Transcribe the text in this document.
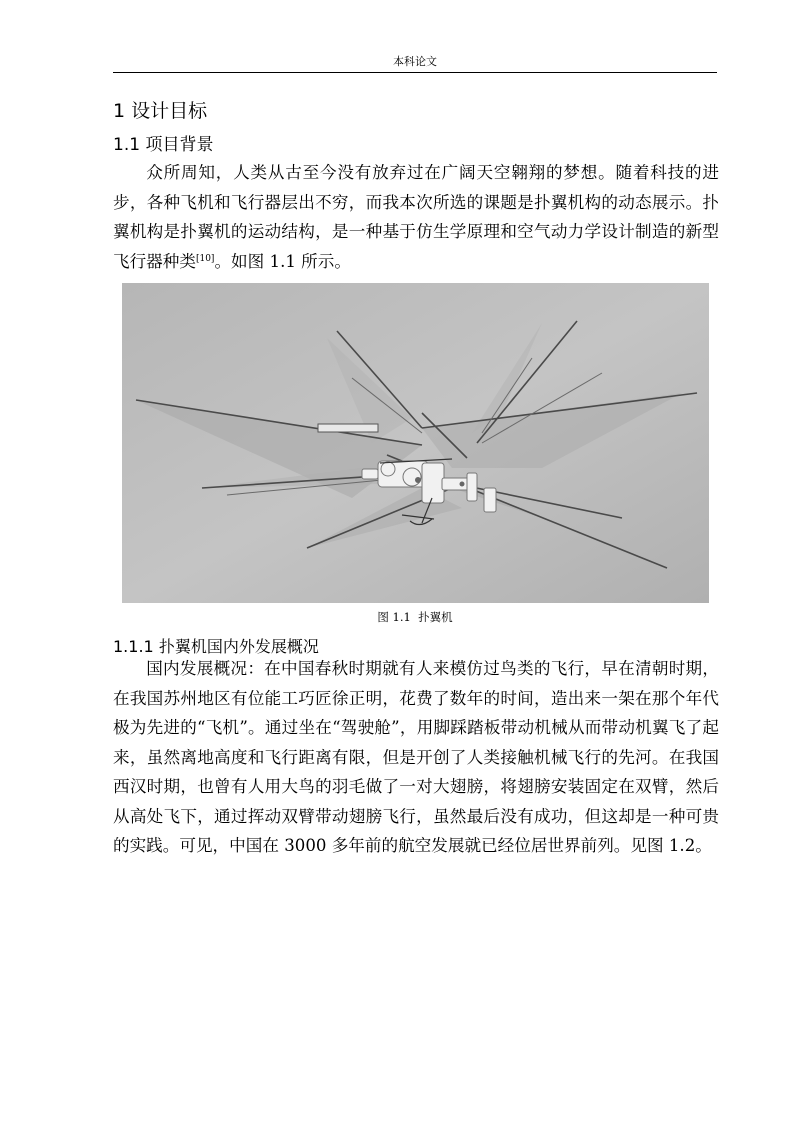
本科论文
1 设计目标
1.1 项目背景

众所周知，人类从古至今没有放弃过在广阔天空翱翔的梦想。随着科技的进步，各种飞机和飞行器层出不穷，而我本次所选的课题是扑翼机构的动态展示。扑翼机构是扑翼机的运动结构，是一种基于仿生学原理和空气动力学设计制造的新型飞行器种类[10]。如图 1.1 所示。

图 1.1 扑翼机
1.1.1 扑翼机国内外发展概况

国内发展概况：在中国春秋时期就有人来模仿过鸟类的飞行，早在清朝时期，在我国苏州地区有位能工巧匠徐正明，花费了数年的时间，造出来一架在那个年代极为先进的“飞机”。通过坐在“驾驶舱”，用脚踩踏板带动机械从而带动机翼飞了起来，虽然离地高度和飞行距离有限，但是开创了人类接触机械飞行的先河。在我国西汉时期，也曾有人用大鸟的羽毛做了一对大翅膀，将翅膀安装固定在双臂，然后从高处飞下，通过挥动双臂带动翅膀飞行，虽然最后没有成功，但这却是一种可贵的实践。可见，中国在 3000 多年前的航空发展就已经位居世界前列。见图 1.2。
